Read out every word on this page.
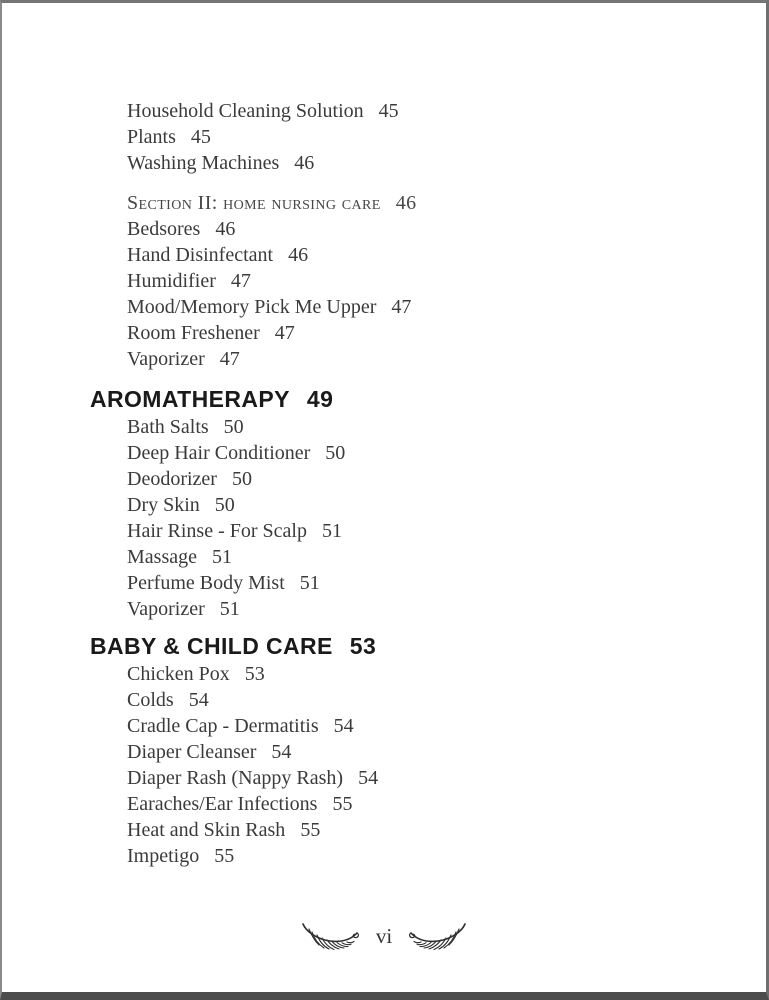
Household Cleaning Solution 45
Plants 45
Washing Machines 46
Section II: home nursing care 46
Bedsores 46
Hand Disinfectant 46
Humidifier 47
Mood/Memory Pick Me Upper 47
Room Freshener 47
Vaporizer 47
AROMATHERAPY 49
Bath Salts 50
Deep Hair Conditioner 50
Deodorizer 50
Dry Skin 50
Hair Rinse - For Scalp 51
Massage 51
Perfume Body Mist 51
Vaporizer 51
BABY & CHILD CARE 53
Chicken Pox 53
Colds 54
Cradle Cap - Dermatitis 54
Diaper Cleanser 54
Diaper Rash (Nappy Rash) 54
Earaches/Ear Infections 55
Heat and Skin Rash 55
Impetigo 55
vi
